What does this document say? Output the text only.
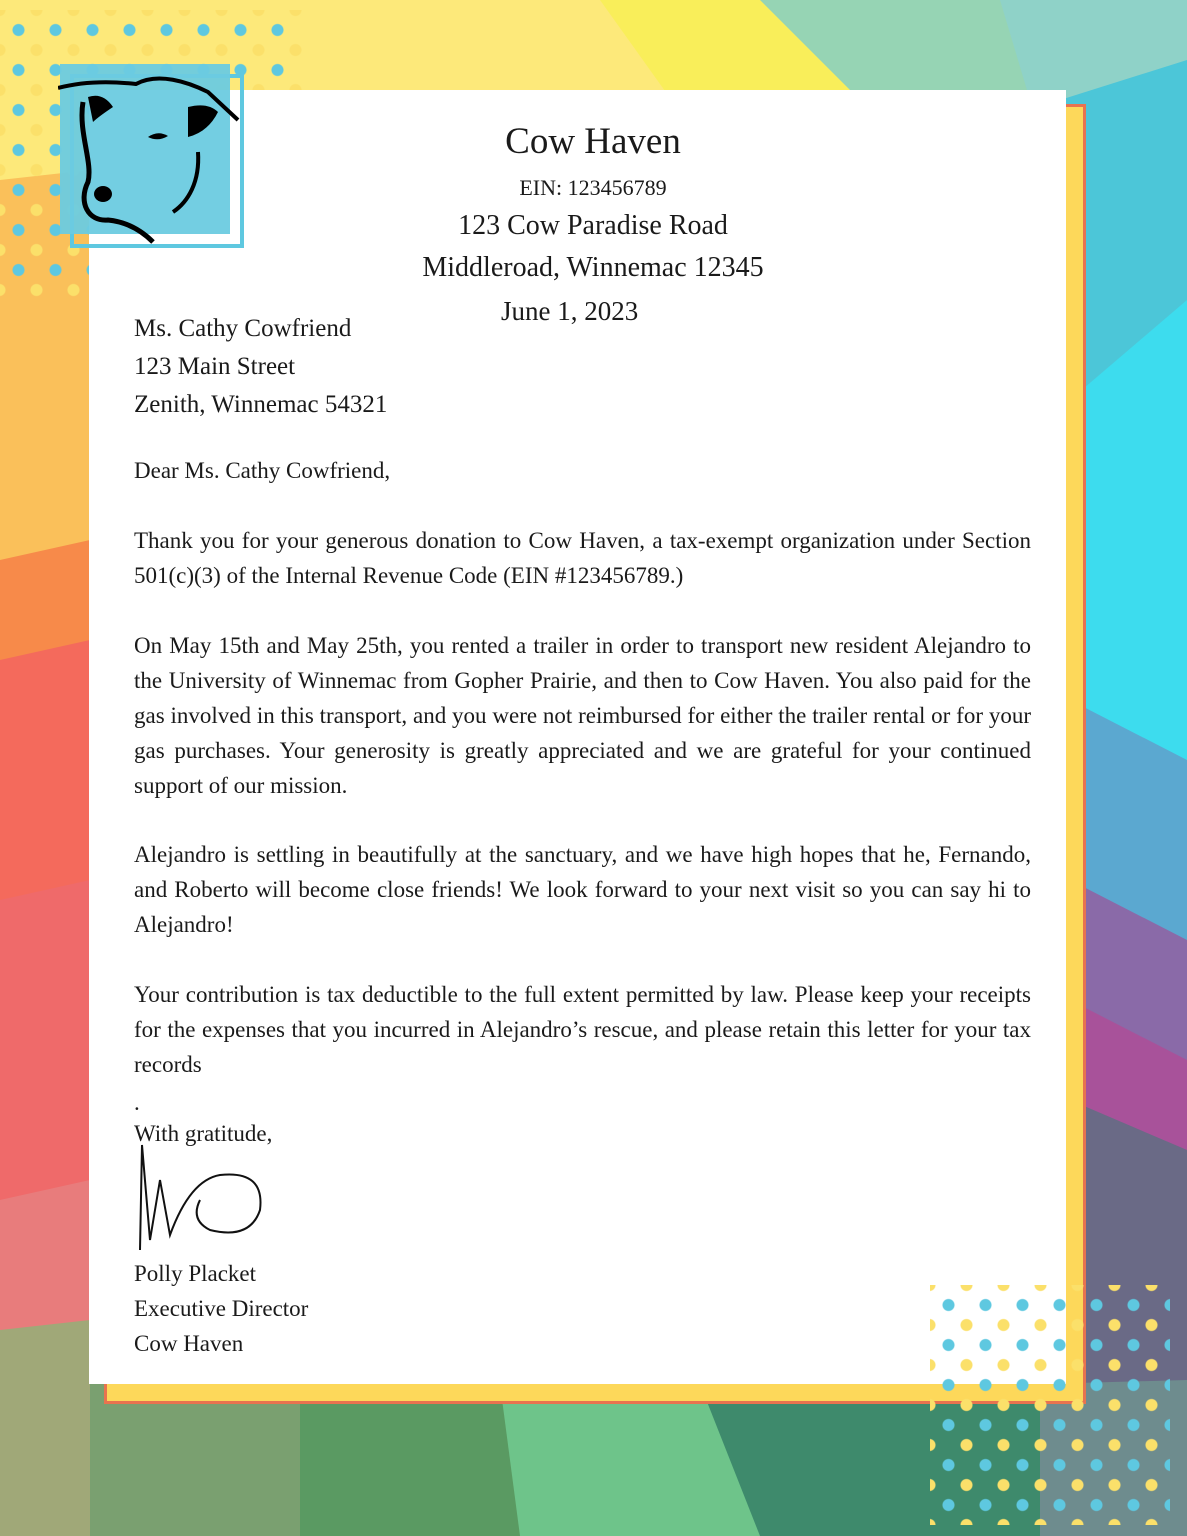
Cow Haven
EIN: 123456789
123 Cow Paradise Road
Middleroad, Winnemac 12345
June 1, 2023
Ms. Cathy Cowfriend
123 Main Street
Zenith, Winnemac 54321
Dear Ms. Cathy Cowfriend,
Thank you for your generous donation to Cow Haven, a tax-exempt organization under Section 501(c)(3) of the Internal Revenue Code (EIN #123456789.)
On May 15th and May 25th, you rented a trailer in order to transport new resident Alejandro to the University of Winnemac from Gopher Prairie, and then to Cow Haven. You also paid for the gas involved in this transport, and you were not reimbursed for either the trailer rental or for your gas purchases. Your generosity is greatly appreciated and we are grateful for your continued support of our mission.
Alejandro is settling in beautifully at the sanctuary, and we have high hopes that he, Fernando, and Roberto will become close friends! We look forward to your next visit so you can say hi to Alejandro!
Your contribution is tax deductible to the full extent permitted by law. Please keep your receipts for the expenses that you incurred in Alejandro’s rescue, and please retain this letter for your tax records
.
With gratitude,
Polly Placket
Executive Director
Cow Haven
